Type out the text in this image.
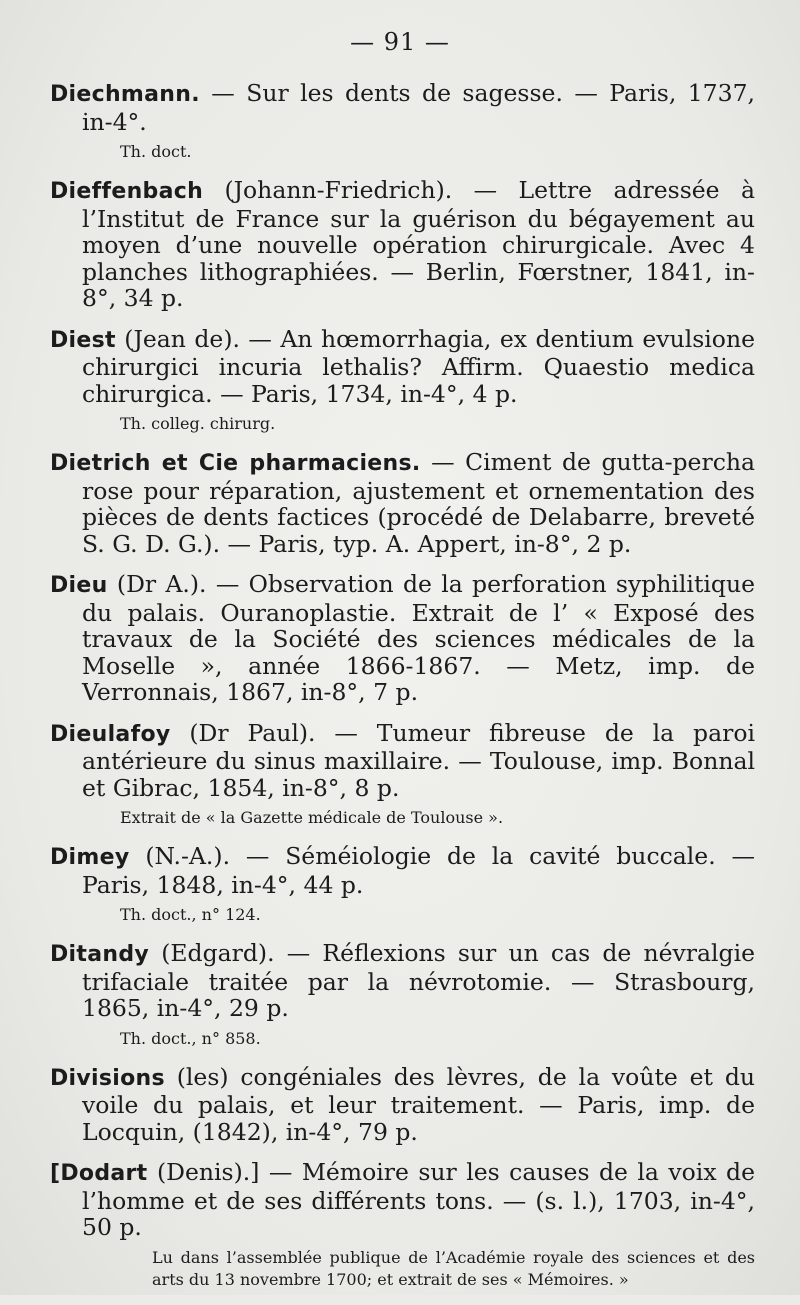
— 91 —
Diechmann. — Sur les dents de sagesse. — Paris, 1737, in-4°.
Th. doct.
Dieffenbach (Johann-Friedrich). — Lettre adressée à l’Institut de France sur la guérison du bégayement au moyen d’une nouvelle opération chirurgicale. Avec 4 planches lithographiées. — Berlin, Fœrstner, 1841, in-8°, 34 p.
Diest (Jean de). — An hœmorrhagia, ex dentium evulsione chirurgici incuria lethalis? Affirm. Quaestio medica chirurgica. — Paris, 1734, in-4°, 4 p.
Th. colleg. chirurg.
Dietrich et Cie pharmaciens. — Ciment de gutta-percha rose pour réparation, ajustement et ornementation des pièces de dents factices (procédé de Delabarre, breveté S. G. D. G.). — Paris, typ. A. Appert, in-8°, 2 p.
Dieu (Dr A.). — Observation de la perforation syphilitique du palais. Ouranoplastie. Extrait de l’ « Exposé des travaux de la Société des sciences médicales de la Moselle », année 1866-1867. — Metz, imp. de Verronnais, 1867, in-8°, 7 p.
Dieulafoy (Dr Paul). — Tumeur fibreuse de la paroi antérieure du sinus maxillaire. — Toulouse, imp. Bonnal et Gibrac, 1854, in-8°, 8 p.
Extrait de « la Gazette médicale de Toulouse ».
Dimey (N.-A.). — Séméiologie de la cavité buccale. — Paris, 1848, in-4°, 44 p.
Th. doct., n° 124.
Ditandy (Edgard). — Réflexions sur un cas de névralgie trifaciale traitée par la névrotomie. — Strasbourg, 1865, in-4°, 29 p.
Th. doct., n° 858.
Divisions (les) congéniales des lèvres, de la voûte et du voile du palais, et leur traitement. — Paris, imp. de Locquin, (1842), in-4°, 79 p.
[Dodart (Denis).] — Mémoire sur les causes de la voix de l’homme et de ses différents tons. — (s. l.), 1703, in-4°, 50 p.
Lu dans l’assemblée publique de l’Académie royale des sciences et des arts du 13 novembre 1700; et extrait de ses « Mémoires. »
